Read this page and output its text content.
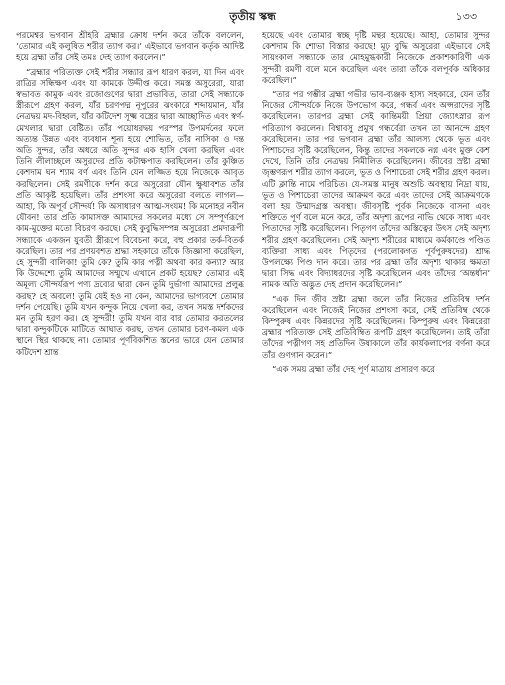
তৃতীয় স্কন্ধ	১৩৩

পরমেশ্বর ভগবান শ্রীহরি ব্রহ্মার ক্রোধ দর্শন করে তাঁকে বললেন, ‘তোমার এই কলুষিত শরীর ত্যাগ কর।’ এইভাবে ভগবান কর্তৃক আদিষ্ট হয়ে ব্রহ্মা তাঁর সেই তমঃ দেহ ত্যাগ করলেন।”

“ব্রহ্মার পরিত্যক্ত সেই শরীর সন্ধ্যার রূপ ধারণ করল, যা দিন এবং রাত্রির সন্ধিক্ষণ এবং যা কামকে উদ্দীপ্ত করে। সমস্ত অসুরেরা, যারা স্বভাবত কামুক এবং রজোগুণের দ্বারা প্রভাবিত, তারা সেই সন্ধ্যাকে স্ত্রীরূপে গ্রহণ করল, যাঁর চরণপদ্ম নূপুরের ঝংকারে শব্দায়মান, যাঁর নেত্রদ্বয় মদ-বিহ্বল, যাঁর কটিদেশ সূক্ষ্ম বস্ত্রের দ্বারা আচ্ছাদিত এবং স্বর্ণ-মেখলার দ্বারা বেষ্টিত। তাঁর পয়োধরদ্বয় পরস্পর উপমর্দনের ফলে অত্যন্ত উন্নত এবং ব্যবধান শূন্য হয়ে শোভিত, তাঁর নাসিকা ও দন্ত অতি সুন্দর, তাঁর অধরে অতি সুন্দর এক হাসি খেলা করছিল এবং তিনি লীলাচ্ছলে অসুরদের প্রতি কটাক্ষপাত করছিলেন। তাঁর কুঞ্চিত কেশদাম ঘন শ্যাম বর্ণ এবং তিনি যেন লজ্জিত হয়ে নিজেকে আবৃত করছিলেন। সেই রমণীকে দর্শন করে অসুরেরা যৌন ক্ষুধাবশত তাঁর প্রতি আকৃষ্ট হয়েছিল। তাঁর প্রশংসা করে অসুরেরা বলতে লাগল— আহা, কি অপূর্ব সৌন্দর্য! কি অসাধারণ আত্ম-সংযম! কি মনোহর নবীন যৌবন! তার প্রতি কামাসক্ত আমাদের সকলের মধ্যে সে সম্পূর্ণরূপে কাম-মুক্তের মতো বিচরণ করছে। সেই কুবুদ্ধিসম্পন্ন অসুরেরা প্রমদারূপী সন্ধ্যাকে একজন যুবতী স্ত্রীরূপে বিবেচনা করে, বহু প্রকার তর্ক-বিতর্ক করেছিল। তার পর প্রণয়বশত শ্রদ্ধা সহকারে তাঁকে জিজ্ঞাসা করেছিল, হে সুন্দরী বালিকা! তুমি কে? তুমি কার পত্নী অথবা কার কন্যা? আর কি উদ্দেশ্যে তুমি আমাদের সম্মুখে এখানে প্রকট হয়েছ? তোমার এই অমূল্য সৌন্দর্যরূপ পণ্য দ্রব্যের দ্বারা কেন তুমি দুর্ভাগা আমাদের প্রলুব্ধ করছ? হে অবলে! তুমি যেই হও না কেন, আমাদের ভাগ্যবশে তোমার দর্শন পেয়েছি। তুমি যখন কন্দুক নিয়ে খেলা কর, তখন সমস্ত দর্শকদের মন তুমি হরণ কর। হে সুন্দরী! তুমি যখন বার বার তোমার করতলের দ্বারা কন্দুকটিকে মাটিতে আঘাত করছ, তখন তোমার চরণ-কমল এক স্থানে স্থির থাকছে না। তোমার পূর্ণবিকশিত স্তনের ভারে যেন তোমার কটিদেশ শ্রান্ত

হয়েছে এবং তোমার স্বচ্ছ দৃষ্টি মন্থর হয়েছে। আহা, তোমার সুন্দর কেশদাম কি শোভা বিস্তার করছে! মূঢ় বুদ্ধি অসুরেরা এইভাবে সেই সায়ংকাল সন্ধ্যাকে তার মোহমুগ্ধকারী নিজেকে প্রকাশকারিণী এক সুন্দরী রমণী বলে মনে করেছিল এবং তারা তাঁকে বলপূর্বক অধিকার করেছিল।”

“তার পর গম্ভীর ব্রহ্মা গভীর ভাব-ব্যঞ্জক হাস্য সহকারে, যেন তাঁর নিজের সৌন্দর্যকে নিজে উপভোগ করে, গন্ধর্ব এবং অপ্সরাদের সৃষ্টি করেছিলেন। তারপর ব্রহ্মা সেই কান্তিময়ী প্রিয়া জ্যোৎস্নার রূপ পরিত্যাগ করলেন। বিশ্বাবসু প্রমুখ গন্ধর্বেরা তখন তা আনন্দে গ্রহণ করেছিলেন। তার পর ভগবান ব্রহ্মা তাঁর আলস্য থেকে ভূত এবং পিশাচদের সৃষ্টি করেছিলেন, কিন্তু তাদের সকলকে নগ্ন এবং মুক্ত কেশ দেখে, তিনি তাঁর নেত্রদ্বয় নিমীলিত করেছিলেন। জীবের স্রষ্টা ব্রহ্মা জৃম্ভণরূপ শরীর ত্যাগ করলে, ভূত ও পিশাচেরা সেই শরীর গ্রহণ করল। এটি ক্লান্তি নামে পরিচিত। যে-সমস্ত মানুষ অশুচি অবস্থায় নিদ্রা যায়, ভূত ও পিশাচেরা তাদের আক্রমণ করে এবং তাদের সেই আক্রমণকে বলা হয় উন্মাদগ্রস্ত অবস্থা। জীবসৃষ্টি পূর্বক নিজেকে বাসনা এবং শক্তিতে পূর্ণ বলে মনে করে, তাঁর অদৃশ্য রূপের নাভি থেকে সাধ্য এবং পিতাদের সৃষ্টি করেছিলেন। পিতৃগণ তাঁদের অস্তিত্বের উৎস সেই অদৃশ্য শরীর গ্রহণ করেছিলেন। সেই অদৃশ্য শরীরের মাধ্যমে কর্মকাণ্ডে পণ্ডিত ব্যক্তিরা সাধ্য এবং পিতৃদের (পরলোকগত পূর্বপুরুষদের) শ্রাদ্ধ উপলক্ষ্যে পিণ্ড দান করে। তার পর ব্রহ্মা তাঁর অদৃশ্য থাকার ক্ষমতা দ্বারা সিদ্ধ এবং বিদ্যাধরদের সৃষ্টি করেছিলেন এবং তাঁদের ‘অন্তর্ধান’ নামক অতি অদ্ভুত দেহ প্রদান করেছিলেন।”

“এক দিন জীব স্রষ্টা ব্রহ্মা জলে তাঁর নিজের প্রতিবিম্ব দর্শন করেছিলেন এবং নিজেই নিজের প্রশংসা করে, সেই প্রতিবিম্ব থেকে কিম্পুরুষ এবং কিন্নরদের সৃষ্টি করেছিলেন। কিম্পুরুষ এবং কিন্নরেরা ব্রহ্মার পরিত্যক্ত সেই প্রতিবিম্বিত রূপটি গ্রহণ করেছিলেন। তাই তাঁরা তাঁদের পত্নীগণ সহ প্রতিদিন উষাকালে তাঁর কার্যকলাপের বর্ণনা করে তাঁর গুণগান করেন।”

“এক সময় ব্রহ্মা তাঁর দেহ পূর্ণ মাত্রায় প্রসারণ করে
